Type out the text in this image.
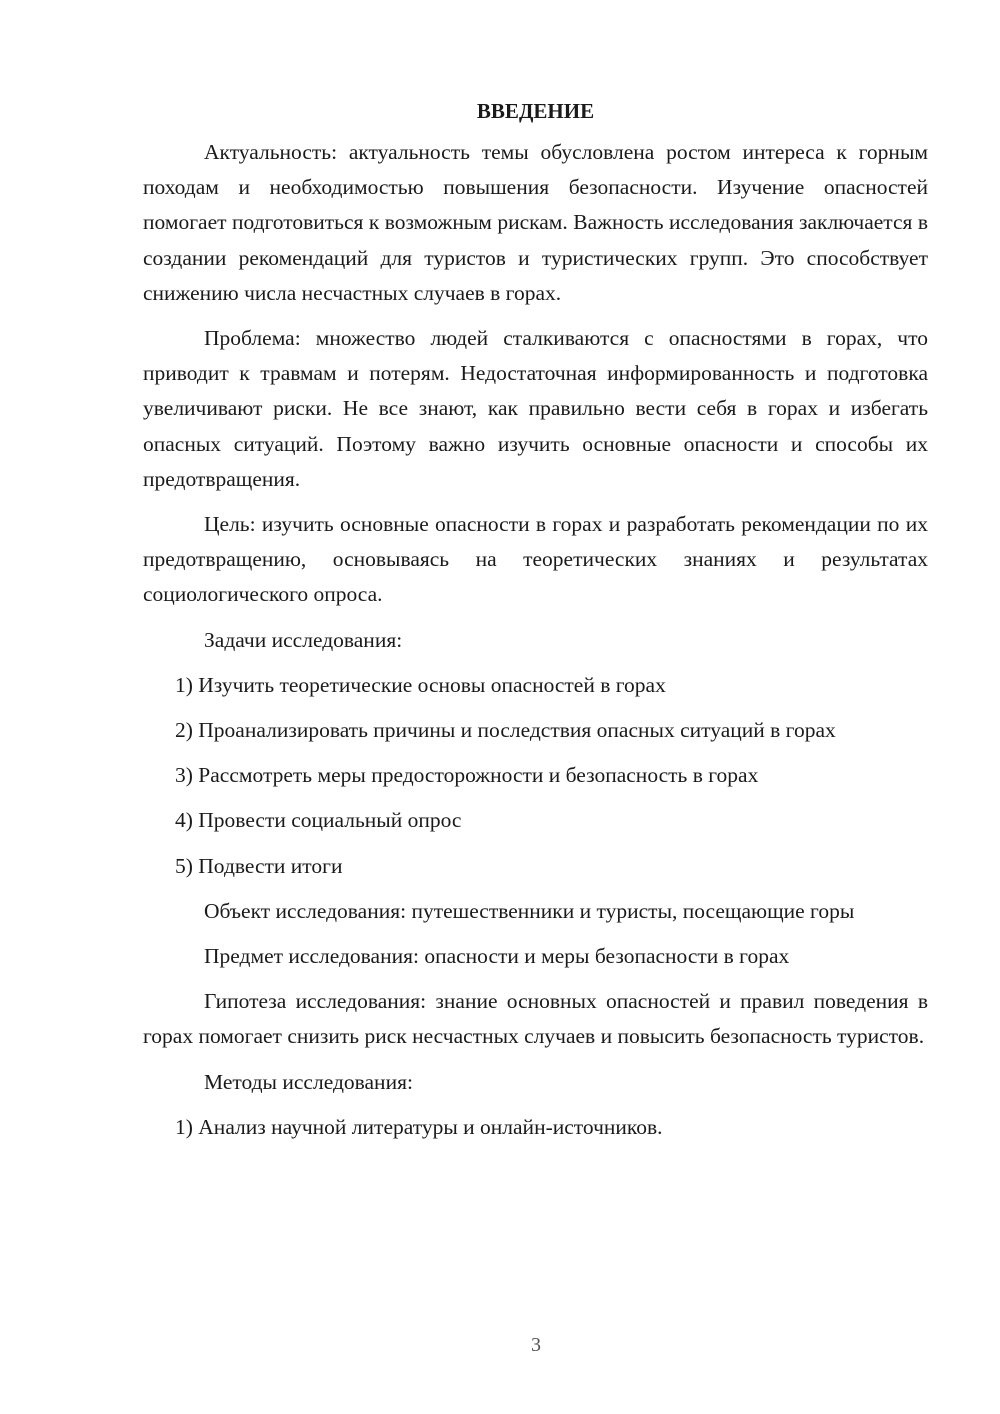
ВВЕДЕНИЕ

Актуальность: актуальность темы обусловлена ростом интереса к горным походам и необходимостью повышения безопасности. Изучение опасностей помогает подготовиться к возможным рискам. Важность исследования заключается в создании рекомендаций для туристов и туристических групп. Это способствует снижению числа несчастных случаев в горах.

Проблема: множество людей сталкиваются с опасностями в горах, что приводит к травмам и потерям. Недостаточная информированность и подготовка увеличивают риски. Не все знают, как правильно вести себя в горах и избегать опасных ситуаций. Поэтому важно изучить основные опасности и способы их предотвращения.

Цель: изучить основные опасности в горах и разработать рекомендации по их предотвращению, основываясь на теоретических знаниях и результатах социологического опроса.

Задачи исследования:

1) Изучить теоретические основы опасностей в горах

2) Проанализировать причины и последствия опасных ситуаций в горах

3) Рассмотреть меры предосторожности и безопасность в горах

4) Провести социальный опрос

5) Подвести итоги

Объект исследования: путешественники и туристы, посещающие горы

Предмет исследования: опасности и меры безопасности в горах

Гипотеза исследования: знание основных опасностей и правил поведения в горах помогает снизить риск несчастных случаев и повысить безопасность туристов.

Методы исследования:

1) Анализ научной литературы и онлайн-источников.

3
